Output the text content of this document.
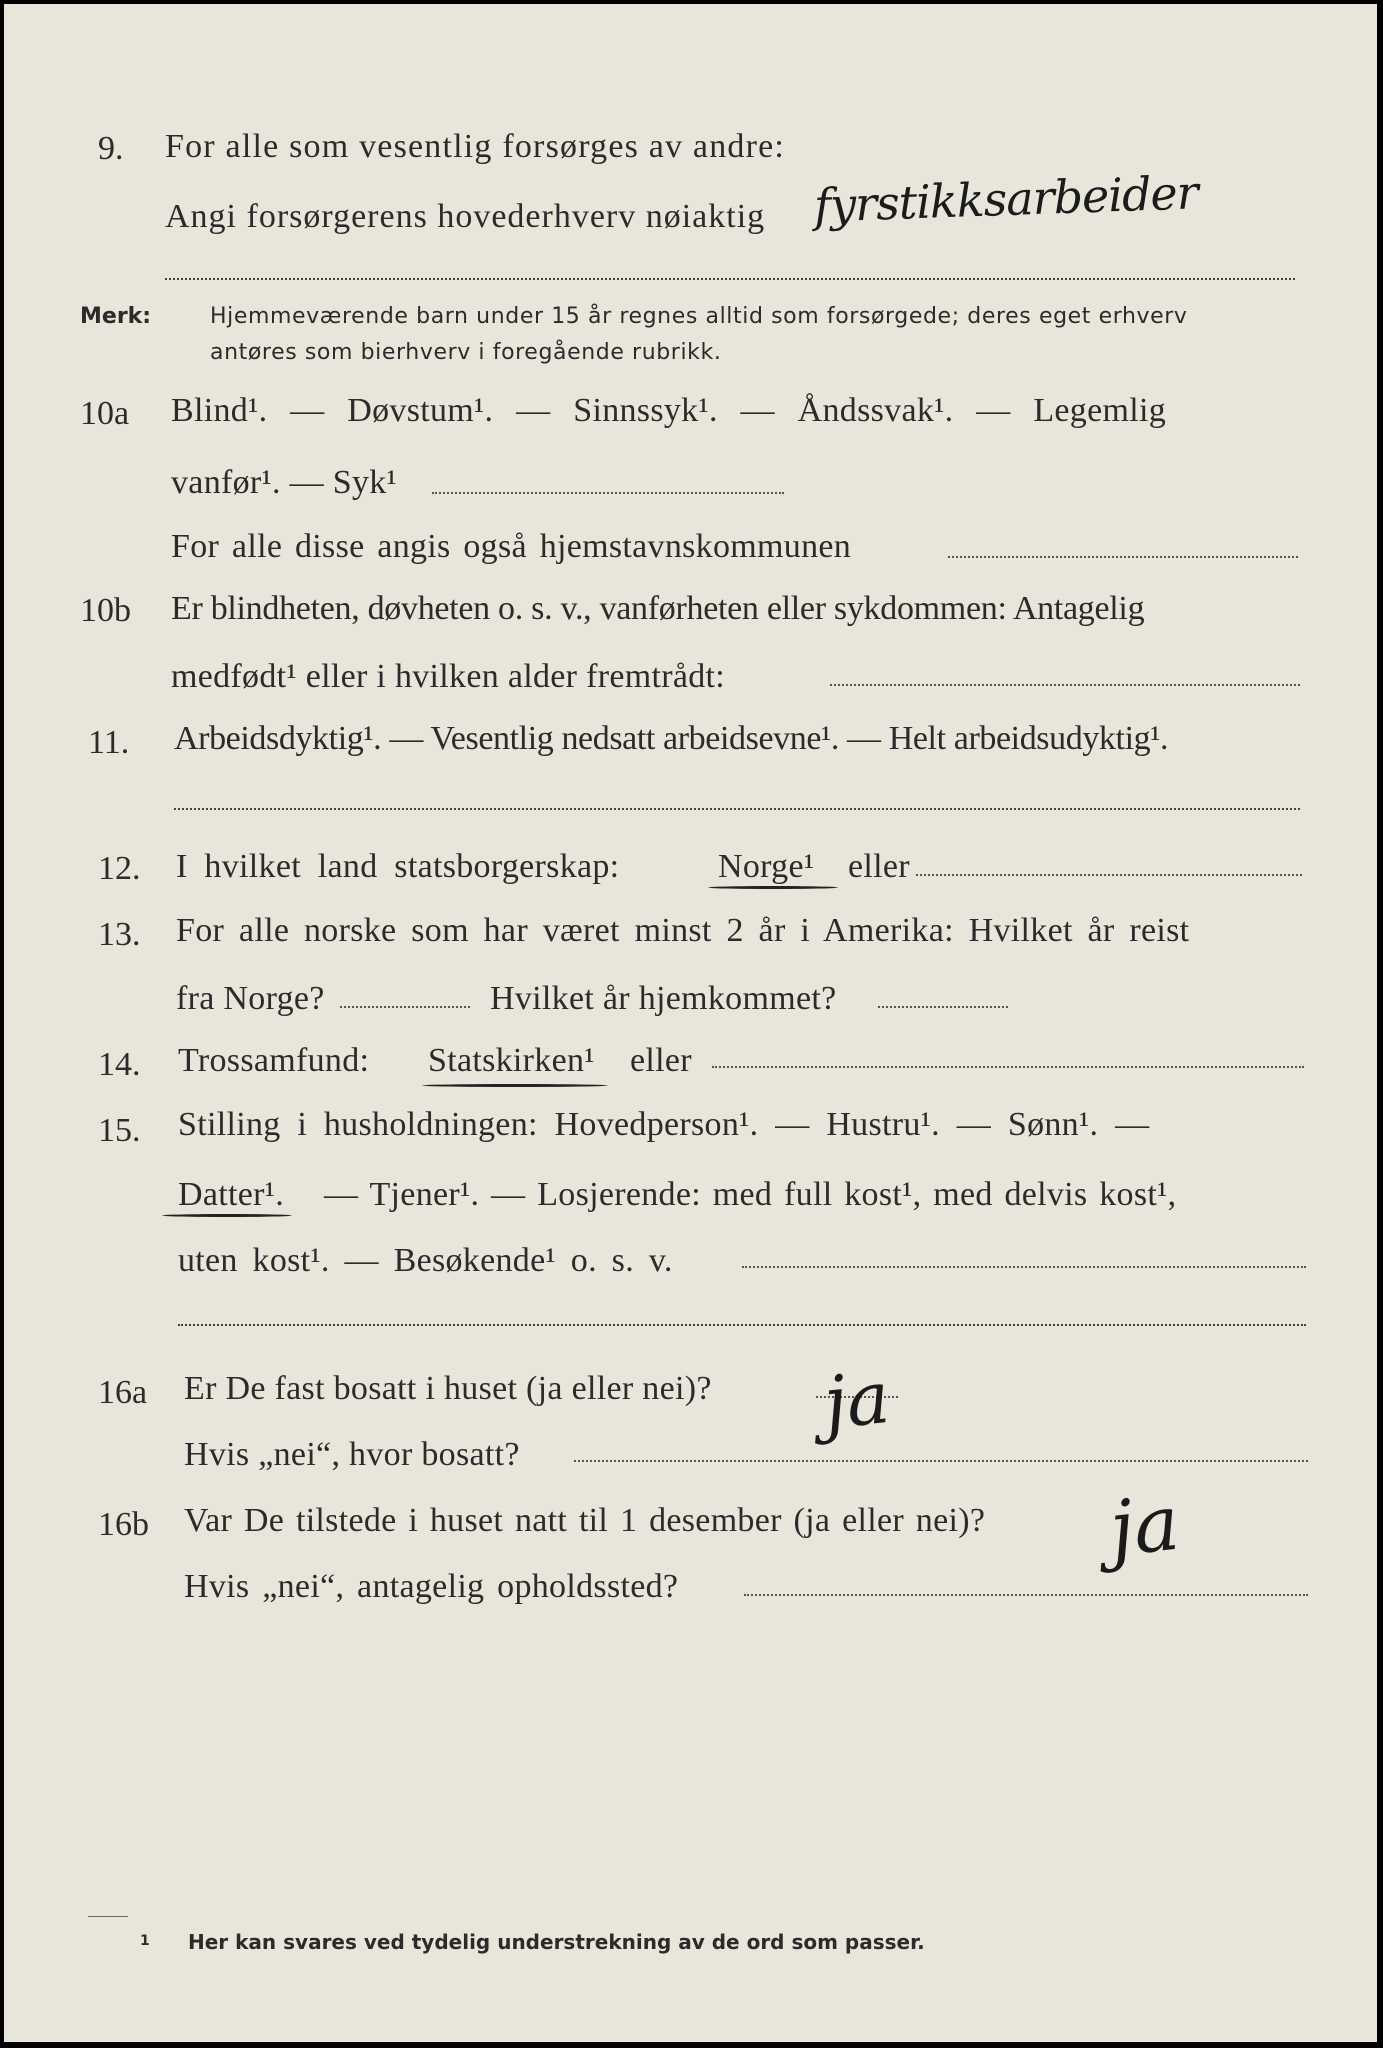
9. For alle som vesentlig forsørges av andre:
Angi forsørgerens hovederhverv nøiaktig fyrstikksarbeider
Merk:	Hjemmeværende barn under 15 år regnes alltid som forsørgede; deres eget erhverv
antøres som bierhverv i foregående rubrikk.
10a Blind¹. — Døvstum¹. — Sinnssyk¹. — Åndssvak¹. — Legemlig
vanfør¹. — Syk¹
For alle disse angis også hjemstavnskommunen
10b Er blindheten, døvheten o. s. v., vanførheten eller sykdommen: Antagelig
medfødt¹ eller i hvilken alder fremtrådt:
11. Arbeidsdyktig¹. — Vesentlig nedsatt arbeidsevne¹. — Helt arbeidsudyktig¹.
12. I hvilket land statsborgerskap:	Norge¹ eller
13. For alle norske som har været minst 2 år i Amerika: Hvilket år reist
fra Norge?	Hvilket år hjemkommet?
14. Trossamfund: Statskirken¹ eller
15. Stilling i husholdningen: Hovedperson¹. — Hustru¹. — Sønn¹. —
Datter¹. — Tjener¹. — Losjerende: med full kost¹, med delvis kost¹,
uten kost¹. — Besøkende¹ o. s. v.
16a Er De fast bosatt i huset (ja eller nei)? ja
Hvis „nei“, hvor bosatt?
16b Var De tilstede i huset natt til 1 desember (ja eller nei)? ja
Hvis „nei“, antagelig opholdssted?
1 Her kan svares ved tydelig understrekning av de ord som passer.
